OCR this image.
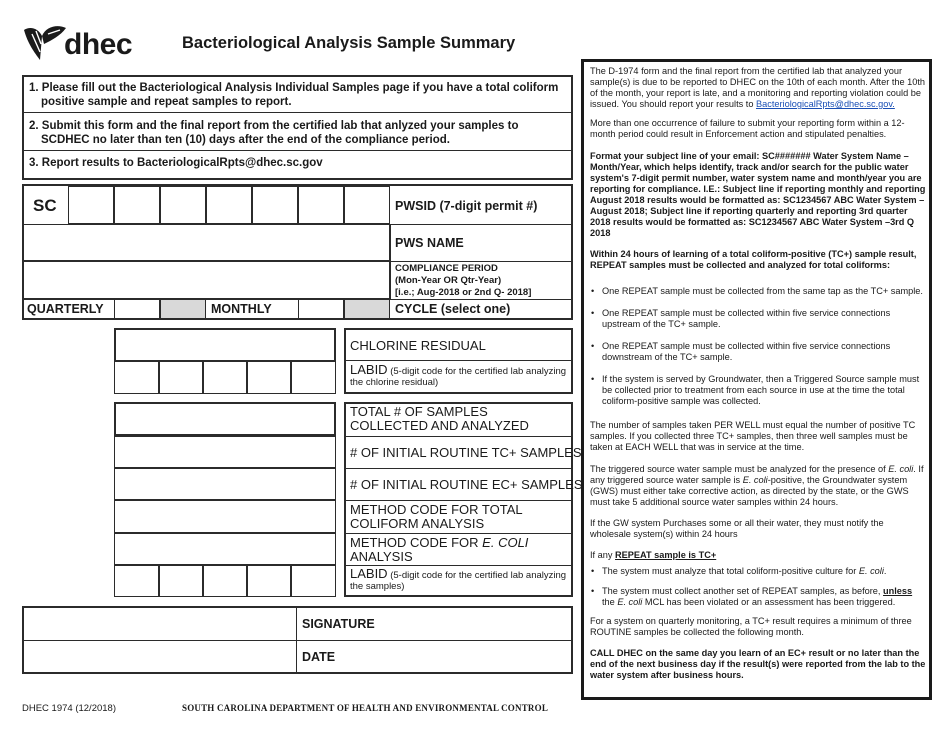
dhec	Bacteriological Analysis Sample Summary
1. Please fill out the Bacteriological Analysis Individual Samples page if you have a total coliform positive sample and repeat samples to report.
2. Submit this form and the final report from the certified lab that anlyzed your samples to SCDHEC no later than ten (10) days after the end of the compliance period.
3. Report results to BacteriologicalRpts@dhec.sc.gov
SC	PWSID (7-digit permit #)
PWS NAME
COMPLIANCE PERIOD
(Mon-Year OR Qtr-Year)
[i.e.; Aug-2018 or 2nd Q- 2018]
QUARTERLY	MONTHLY	CYCLE (select one)
CHLORINE RESIDUAL
LABID (5-digit code for the certified lab analyzing the chlorine residual)
TOTAL # OF SAMPLES COLLECTED AND ANALYZED
# OF INITIAL ROUTINE TC+ SAMPLES
# OF INITIAL ROUTINE EC+ SAMPLES
METHOD CODE FOR TOTAL COLIFORM ANALYSIS
METHOD CODE FOR E. COLI ANALYSIS
LABID (5-digit code for the certified lab analyzing the samples)
SIGNATURE
DATE
DHEC 1974 (12/2018)	SOUTH CAROLINA DEPARTMENT OF HEALTH AND ENVIRONMENTAL CONTROL

The D-1974 form and the final report from the certified lab that analyzed your sample(s) is due to be reported to DHEC on the 10th of each month. After the 10th of the month, your report is late, and a monitoring and reporting violation could be issued. You should report your results to BacteriologicalRpts@dhec.sc.gov.

More than one occurrence of failure to submit your reporting form within a 12-month period could result in Enforcement action and stipulated penalties.

Format your subject line of your email: SC####### Water System Name – Month/Year, which helps identify, track and/or search for the public water system's 7-digit permit number, water system name and month/year you are reporting for compliance. I.E.: Subject line if reporting monthly and reporting August 2018 results would be formatted as: SC1234567 ABC Water System – August 2018; Subject line if reporting quarterly and reporting 3rd quarter 2018 results would be formatted as: SC1234567 ABC Water System –3rd Q 2018

Within 24 hours of learning of a total coliform-positive (TC+) sample result, REPEAT samples must be collected and analyzed for total coliforms:

• One REPEAT sample must be collected from the same tap as the TC+ sample.
• One REPEAT sample must be collected within five service connections upstream of the TC+ sample.
• One REPEAT sample must be collected within five service connections downstream of the TC+ sample.
• If the system is served by Groundwater, then a Triggered Source sample must be collected prior to treatment from each source in use at the time the total coliform-positive sample was collected.

The number of samples taken PER WELL must equal the number of positive TC samples. If you collected three TC+ samples, then three well samples must be taken at EACH WELL that was in service at the time.

The triggered source water sample must be analyzed for the presence of E. coli. If any triggered source water sample is E. coli-positive, the Groundwater system (GWS) must either take corrective action, as directed by the state, or the GWS must take 5 additional source water samples within 24 hours.

If the GW system Purchases some or all their water, they must notify the wholesale system(s) within 24 hours

If any REPEAT sample is TC+

• The system must analyze that total coliform-positive culture for E. coli.
• The system must collect another set of REPEAT samples, as before, unless the E. coli MCL has been violated or an assessment has been triggered.

For a system on quarterly monitoring, a TC+ result requires a minimum of three ROUTINE samples be collected the following month.

CALL DHEC on the same day you learn of an EC+ result or no later than the end of the next business day if the result(s) were reported from the lab to the water system after business hours.
